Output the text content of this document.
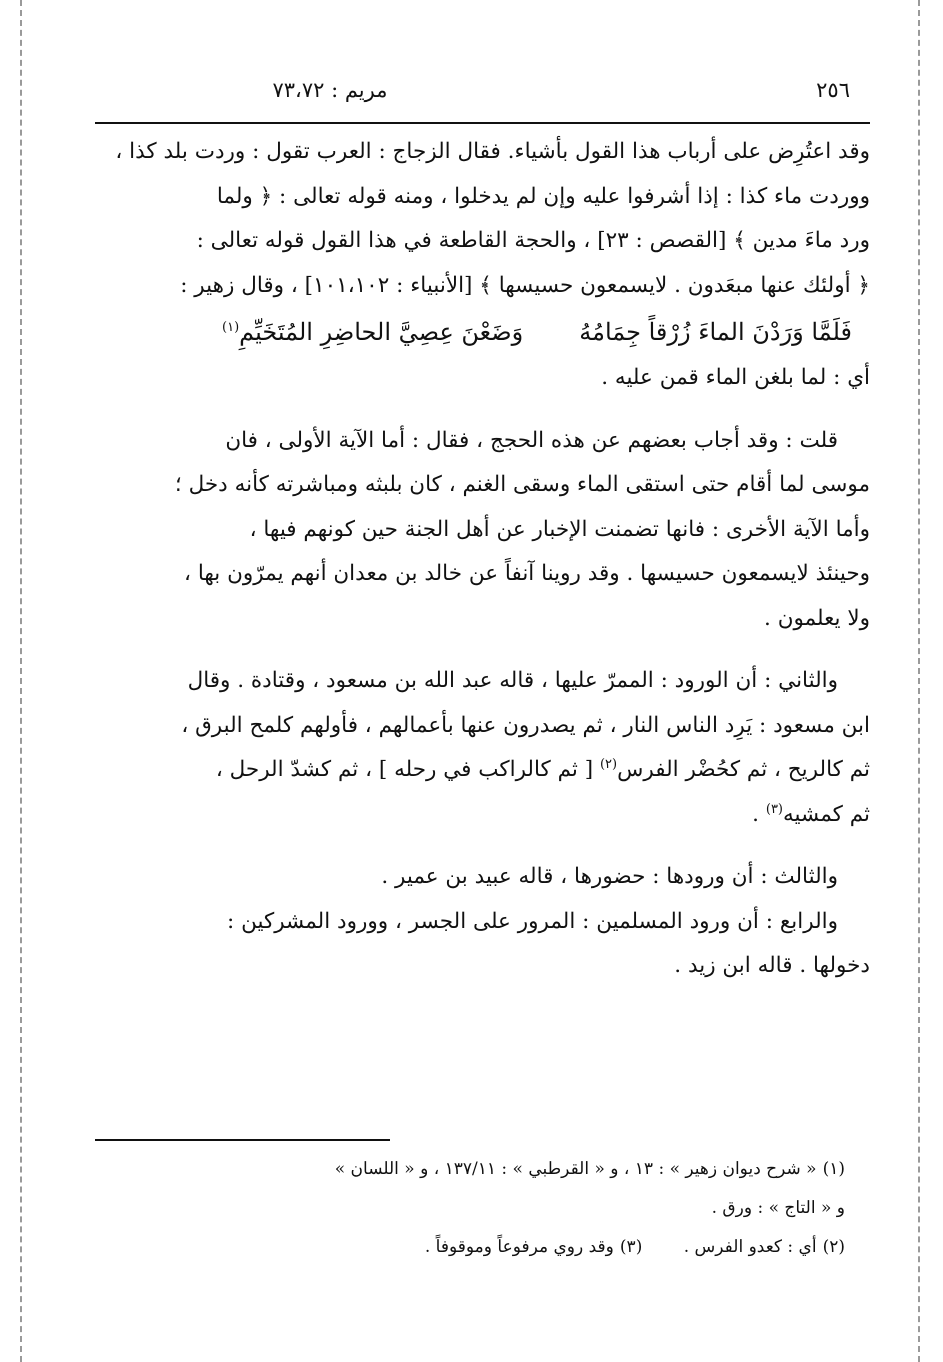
٢٥٦
مريم : ٧٣،٧٢

وقد اعتُرِض على أرباب هذا القول بأشياء. فقال الزجاج : العرب تقول : وردت بلد كذا ،

ووردت ماء كذا : إذا أشرفوا عليه وإن لم يدخلوا ، ومنه قوله تعالى : ﴿ ولما

ورد ماءَ مدين ﴾ [القصص : ٢٣] ، والحجة القاطعة في هذا القول قوله تعالى :

﴿ أولئك عنها مبعَدون . لايسمعون حسيسها ﴾ [الأنبياء : ١٠١،١٠٢] ، وقال زهير :

فَلَمَّا وَرَدْنَ الماءَ زُرْقاً جِمَامُهُوَضَعْنَ عِصِيَّ الحاضِرِ المُتَخَيِّمِ$^{(١)}$

أي : لما بلغن الماء قمن عليه .

قلت : وقد أجاب بعضهم عن هذه الحجج ، فقال : أما الآية الأولى ، فان

موسى لما أقام حتى استقى الماء وسقى الغنم ، كان بلبثه ومباشرته كأنه دخل ؛

وأما الآية الأخرى : فانها تضمنت الإخبار عن أهل الجنة حين كونهم فيها ،

وحينئذ لايسمعون حسيسها . وقد روينا آنفاً عن خالد بن معدان أنهم يمرّون بها ،

ولا يعلمون .

والثاني : أن الورود : الممرّ عليها ، قاله عبد الله بن مسعود ، وقتادة . وقال

ابن مسعود : يَرِد الناس النار ، ثم يصدرون عنها بأعمالهم ، فأولهم كلمح البرق ،

ثم كالريح ، ثم كحُضْر الفرس$^{(٢)}$ [ ثم كالراكب في رحله ] ، ثم كشدّ الرحل ،

ثم كمشيه$^{(٣)}$ .

والثالث : أن ورودها : حضورها ، قاله عبيد بن عمير .

والرابع : أن ورود المسلمين : المرور على الجسر ، وورود المشركين :

دخولها . قاله ابن زيد .

(١)« شرح ديوان زهير » : ١٣ ، و « القرطبي » : ١٣٧/١١ ، و « اللسان »

و « التاج » : ورق .

(٢)أي : كعدو الفرس . (٣)وقد روي مرفوعاً وموقوفاً .
